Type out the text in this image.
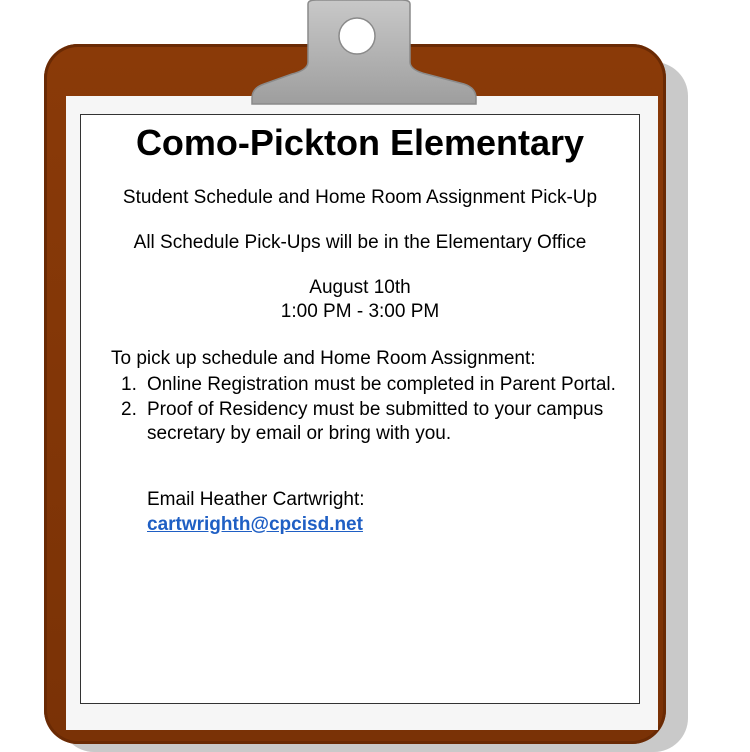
Como-Pickton Elementary

Student Schedule and Home Room Assignment Pick-Up

All Schedule Pick-Ups will be in the Elementary Office

August 10th

1:00 PM - 3:00 PM

To pick up schedule and Home Room Assignment:

1. Online Registration must be completed in Parent Portal.
2. Proof of Residency must be submitted to your campus secretary by email or bring with you.

Email Heather Cartwright:

cartwrighth@cpcisd.net
